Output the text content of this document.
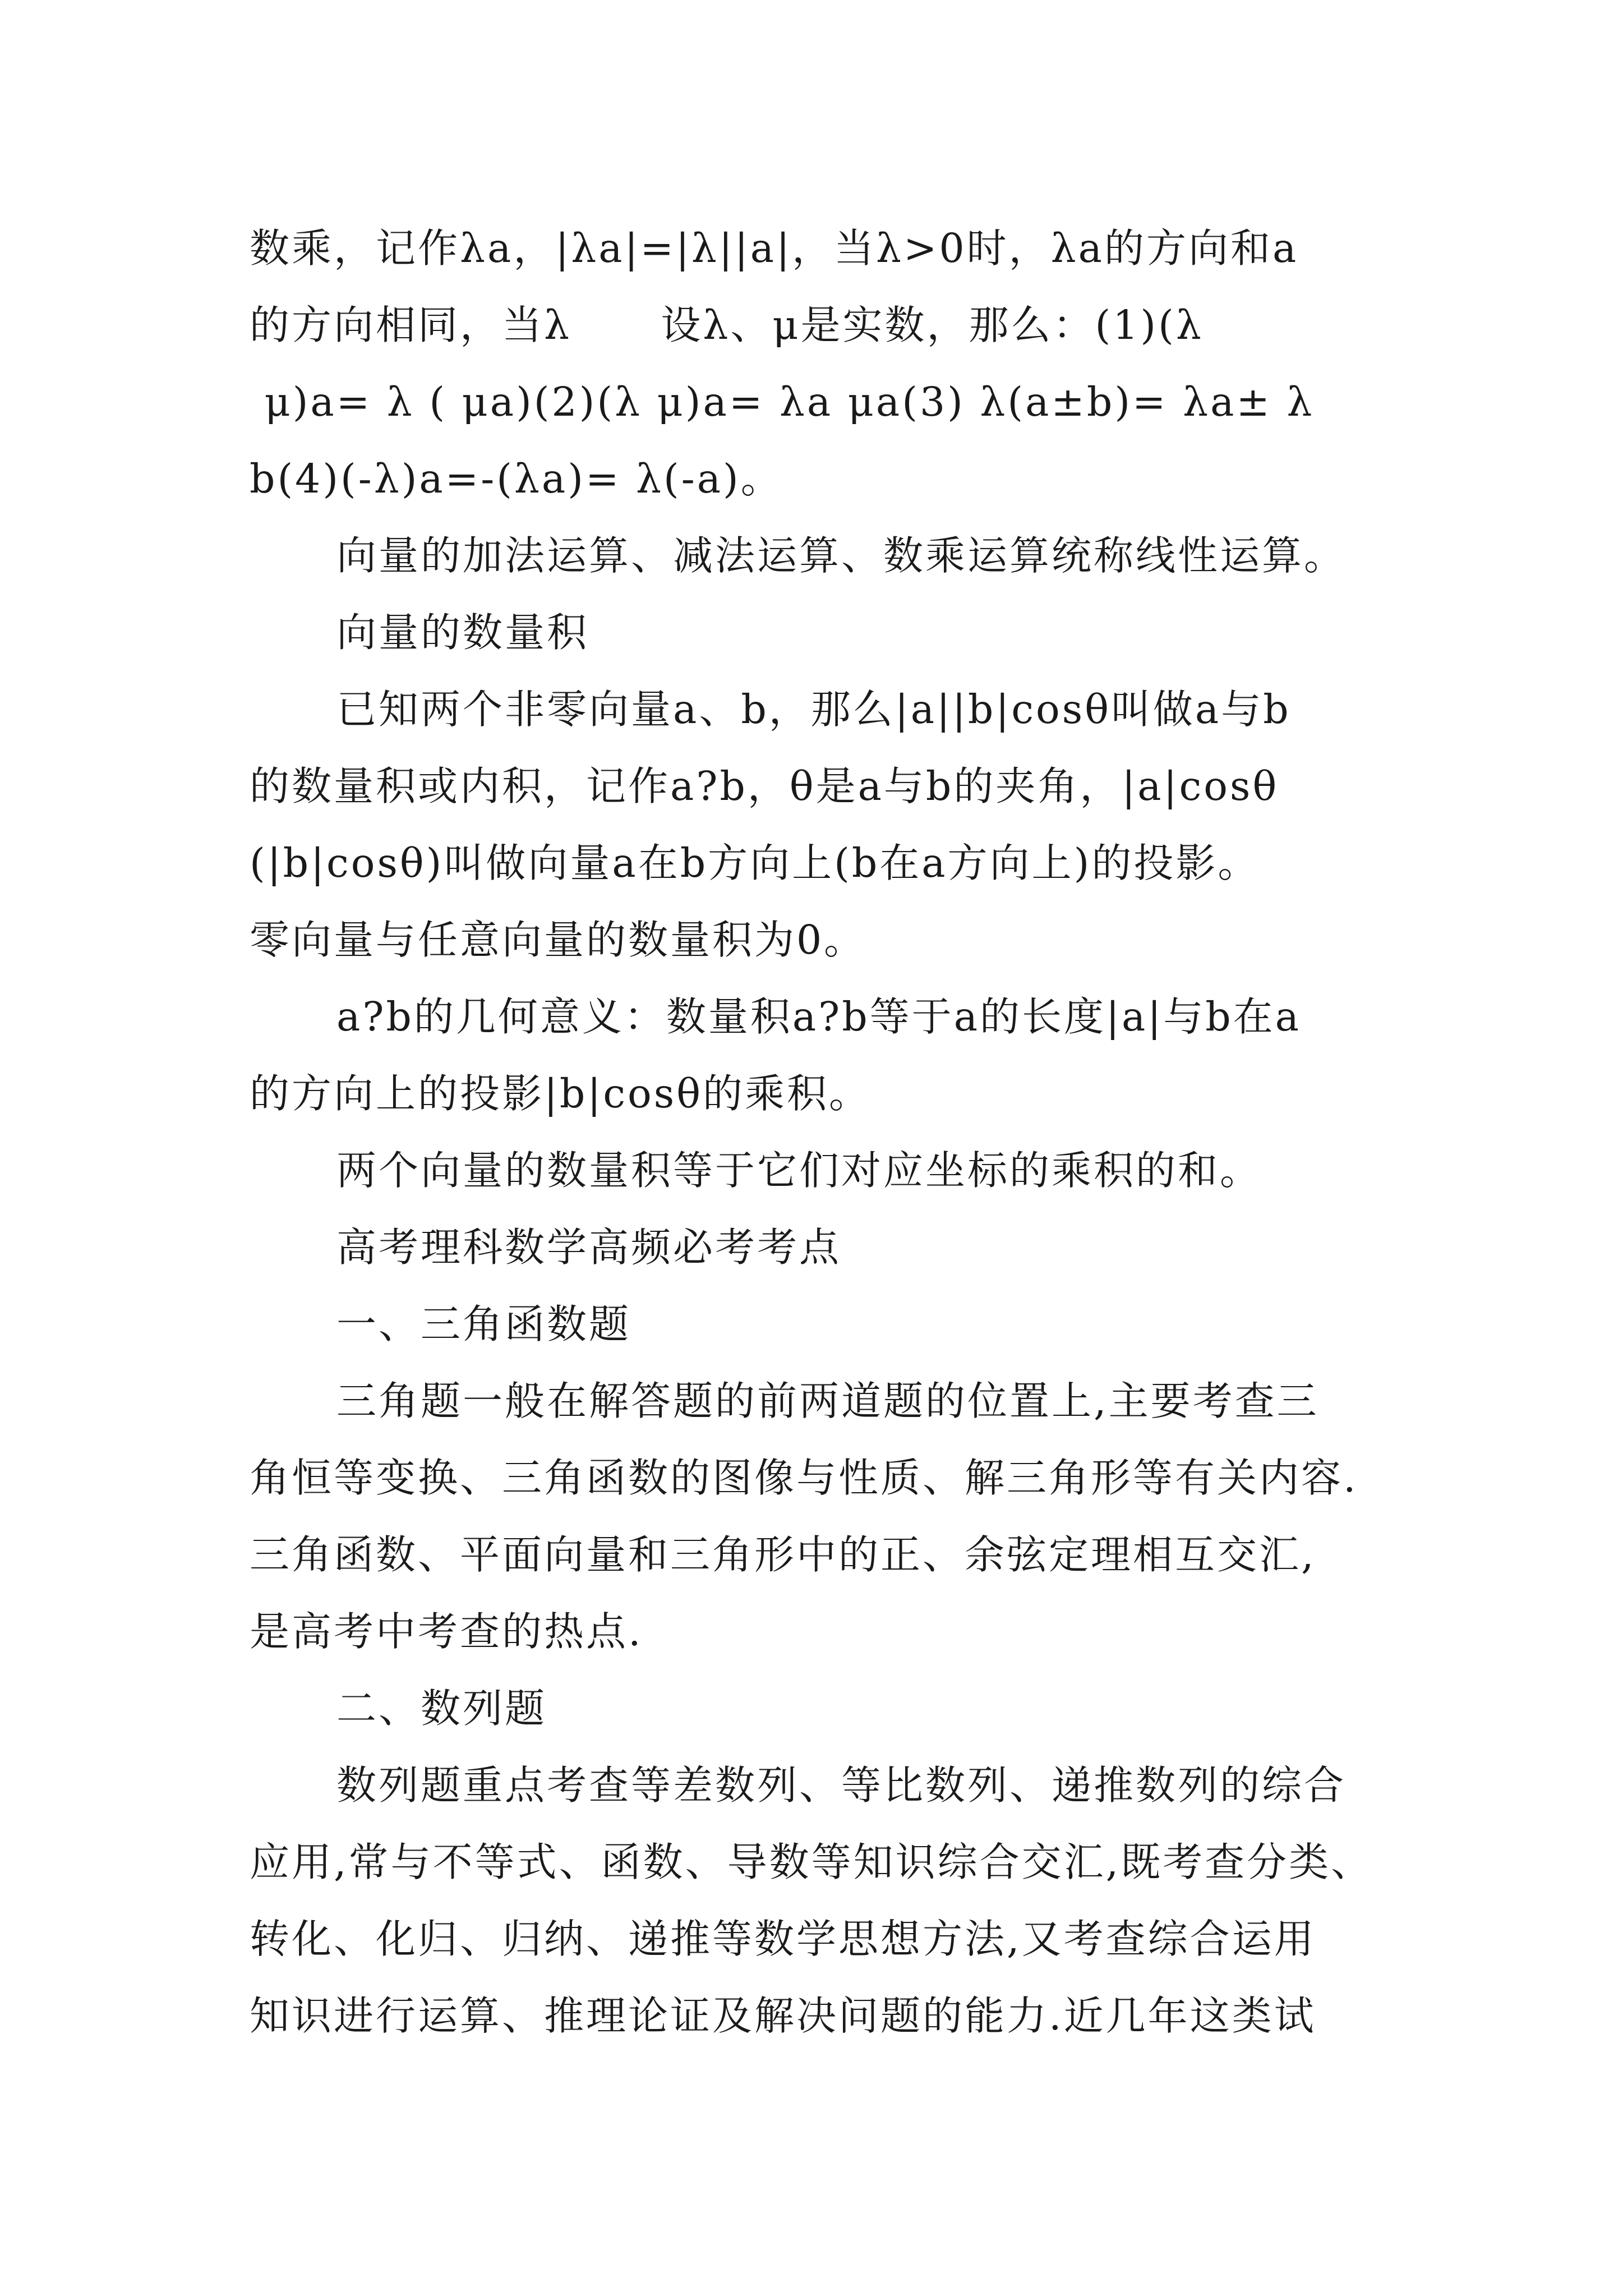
数乘，记作λa，|λa|=|λ||a|，当λ>0时，λa的方向和a
的方向相同，当λ      设λ、μ是实数，那么：(1)(λ
μ)a= λ ( μa)(2)(λ μ)a= λa μa(3) λ(a±b)= λa± λ
b(4)(-λ)a=-(λa)= λ(-a)。
向量的加法运算、减法运算、数乘运算统称线性运算。
向量的数量积
已知两个非零向量a、b，那么|a||b|cosθ叫做a与b
的数量积或内积，记作a?b，θ是a与b的夹角，|a|cosθ
(|b|cosθ)叫做向量a在b方向上(b在a方向上)的投影。
零向量与任意向量的数量积为0。
a?b的几何意义：数量积a?b等于a的长度|a|与b在a
的方向上的投影|b|cosθ的乘积。
两个向量的数量积等于它们对应坐标的乘积的和。
高考理科数学高频必考考点
一、三角函数题
三角题一般在解答题的前两道题的位置上,主要考查三
角恒等变换、三角函数的图像与性质、解三角形等有关内容.
三角函数、平面向量和三角形中的正、余弦定理相互交汇,
是高考中考查的热点.
二、数列题
数列题重点考查等差数列、等比数列、递推数列的综合
应用,常与不等式、函数、导数等知识综合交汇,既考查分类、
转化、化归、归纳、递推等数学思想方法,又考查综合运用
知识进行运算、推理论证及解决问题的能力.近几年这类试
